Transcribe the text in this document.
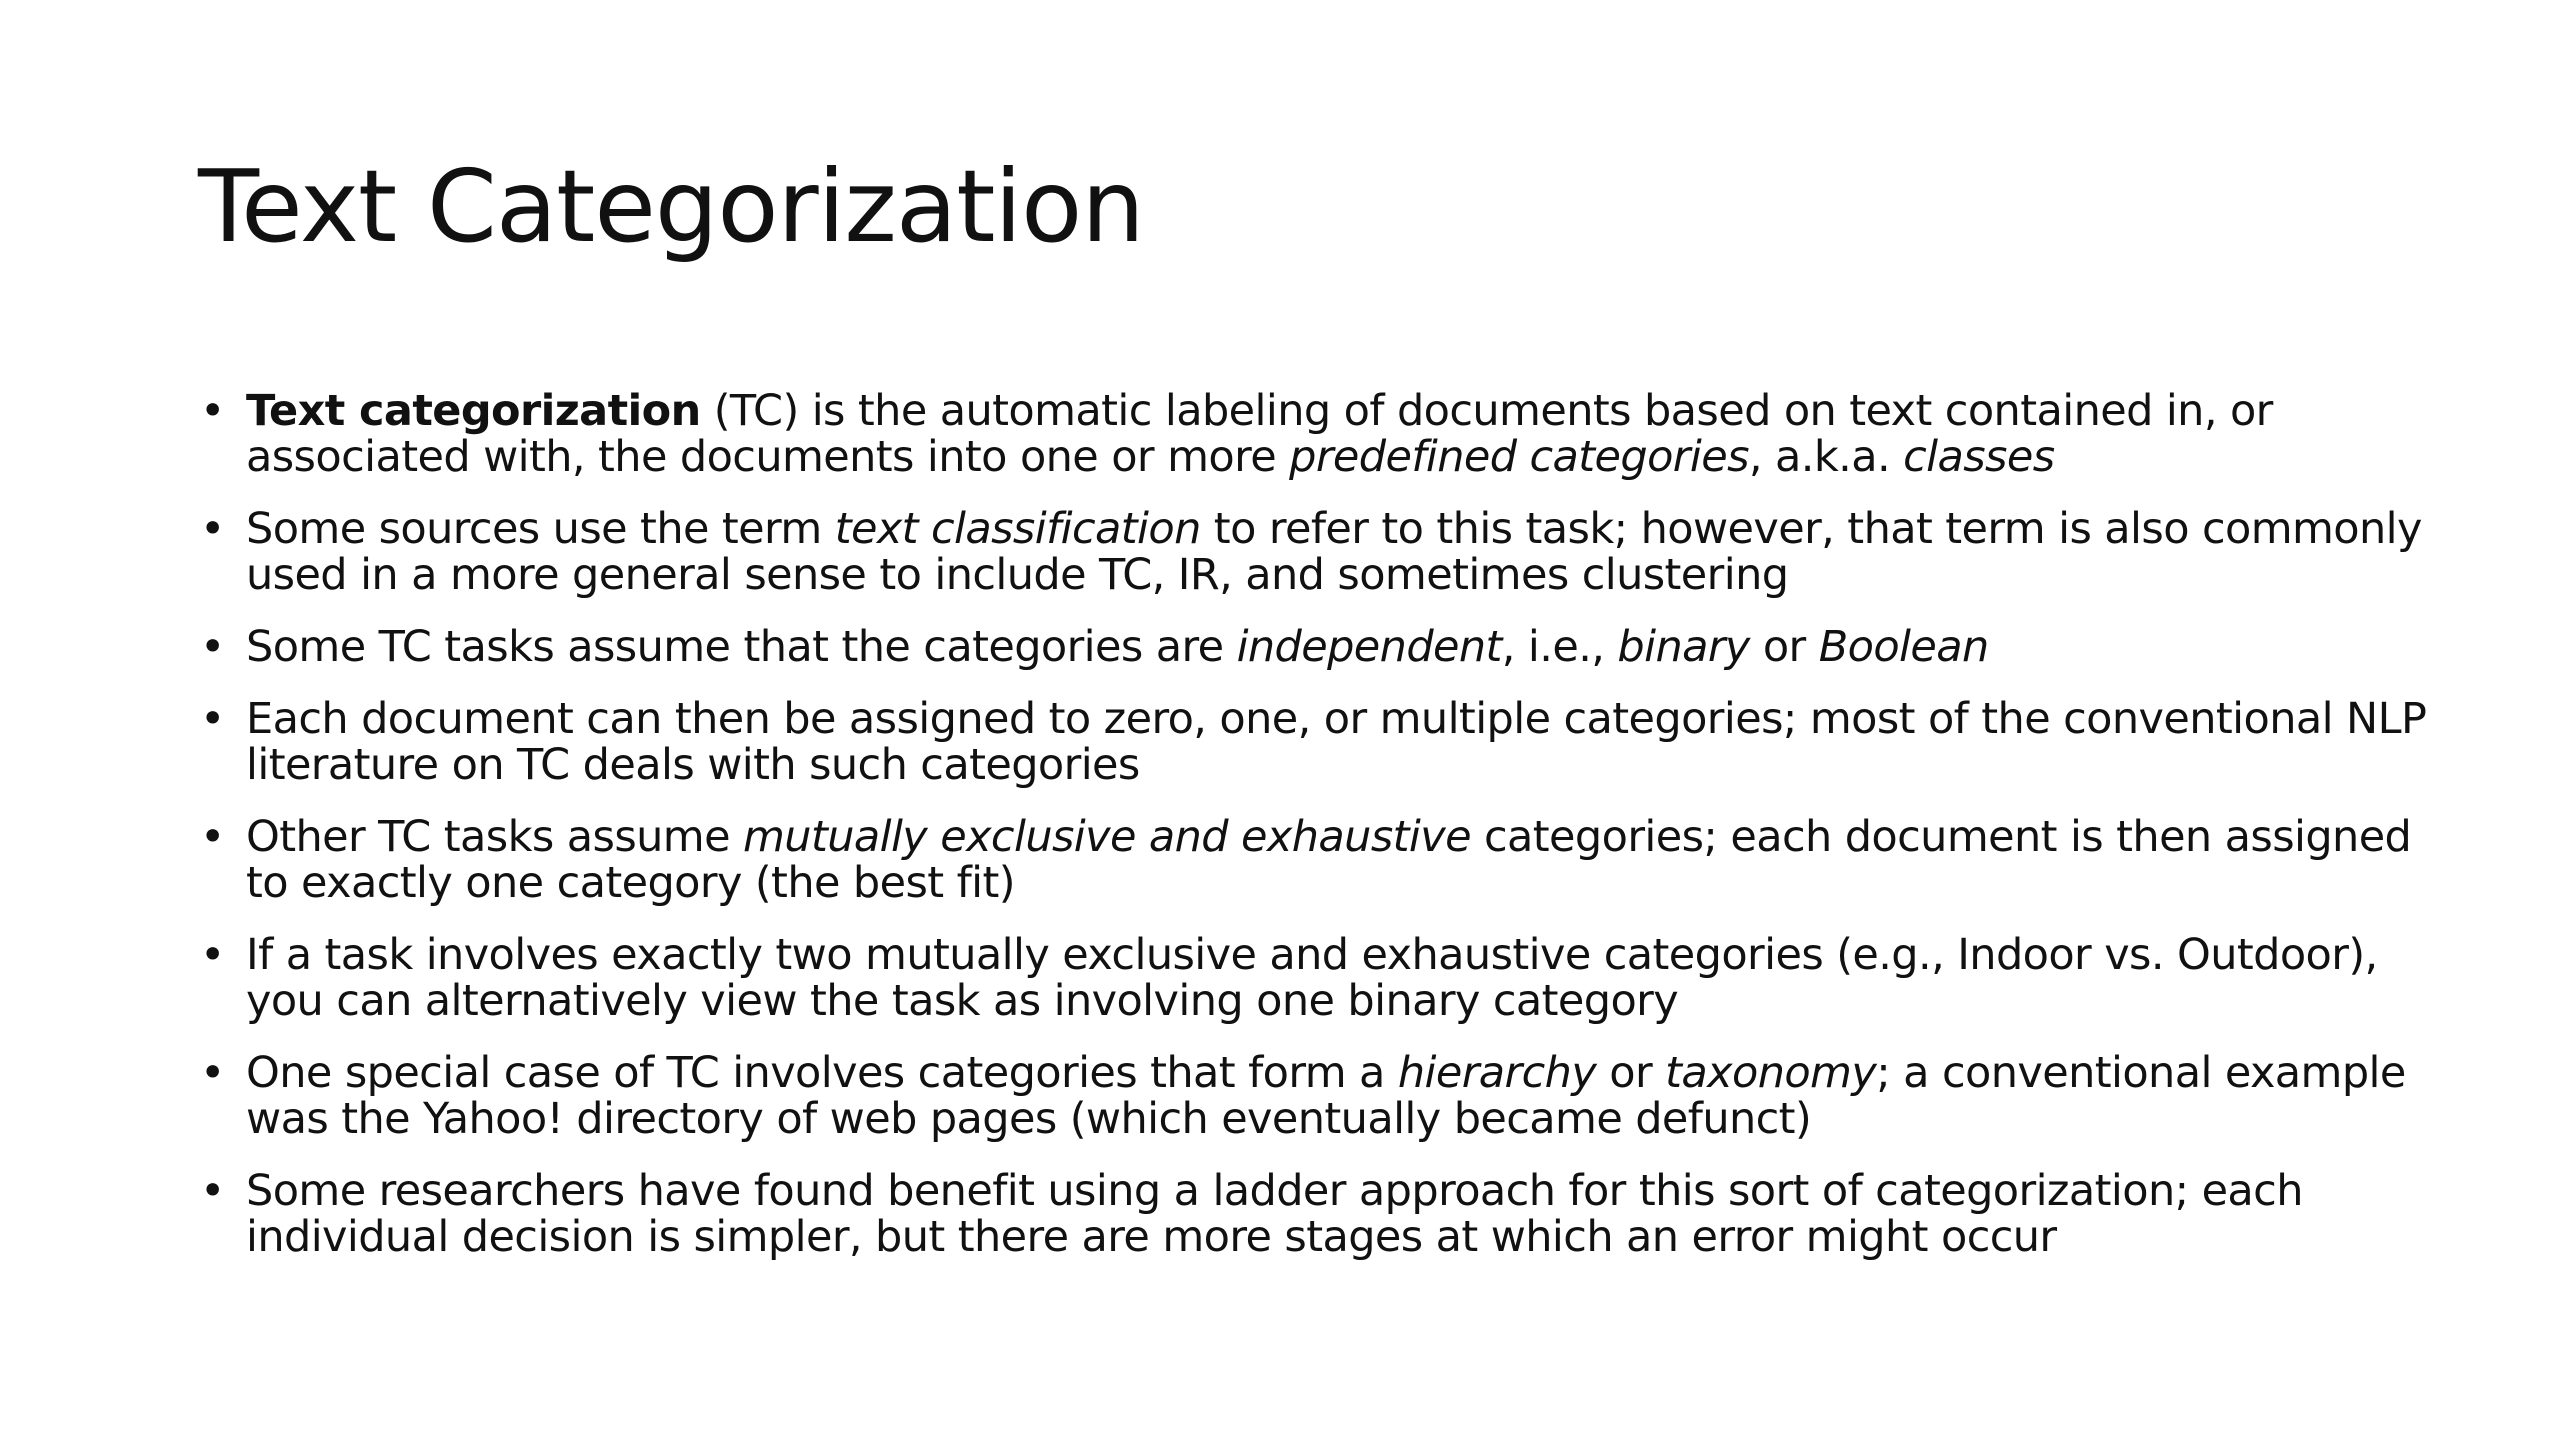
Text Categorization
• Text categorization (TC) is the automatic labeling of documents based on text contained in, or associated with, the documents into one or more predefined categories, a.k.a. classes
• Some sources use the term text classification to refer to this task; however, that term is also commonly used in a more general sense to include TC, IR, and sometimes clustering
• Some TC tasks assume that the categories are independent, i.e., binary or Boolean
• Each document can then be assigned to zero, one, or multiple categories; most of the conventional NLP literature on TC deals with such categories
• Other TC tasks assume mutually exclusive and exhaustive categories; each document is then assigned to exactly one category (the best fit)
• If a task involves exactly two mutually exclusive and exhaustive categories (e.g., Indoor vs. Outdoor), you can alternatively view the task as involving one binary category
• One special case of TC involves categories that form a hierarchy or taxonomy; a conventional example was the Yahoo! directory of web pages (which eventually became defunct)
• Some researchers have found benefit using a ladder approach for this sort of categorization; each individual decision is simpler, but there are more stages at which an error might occur
